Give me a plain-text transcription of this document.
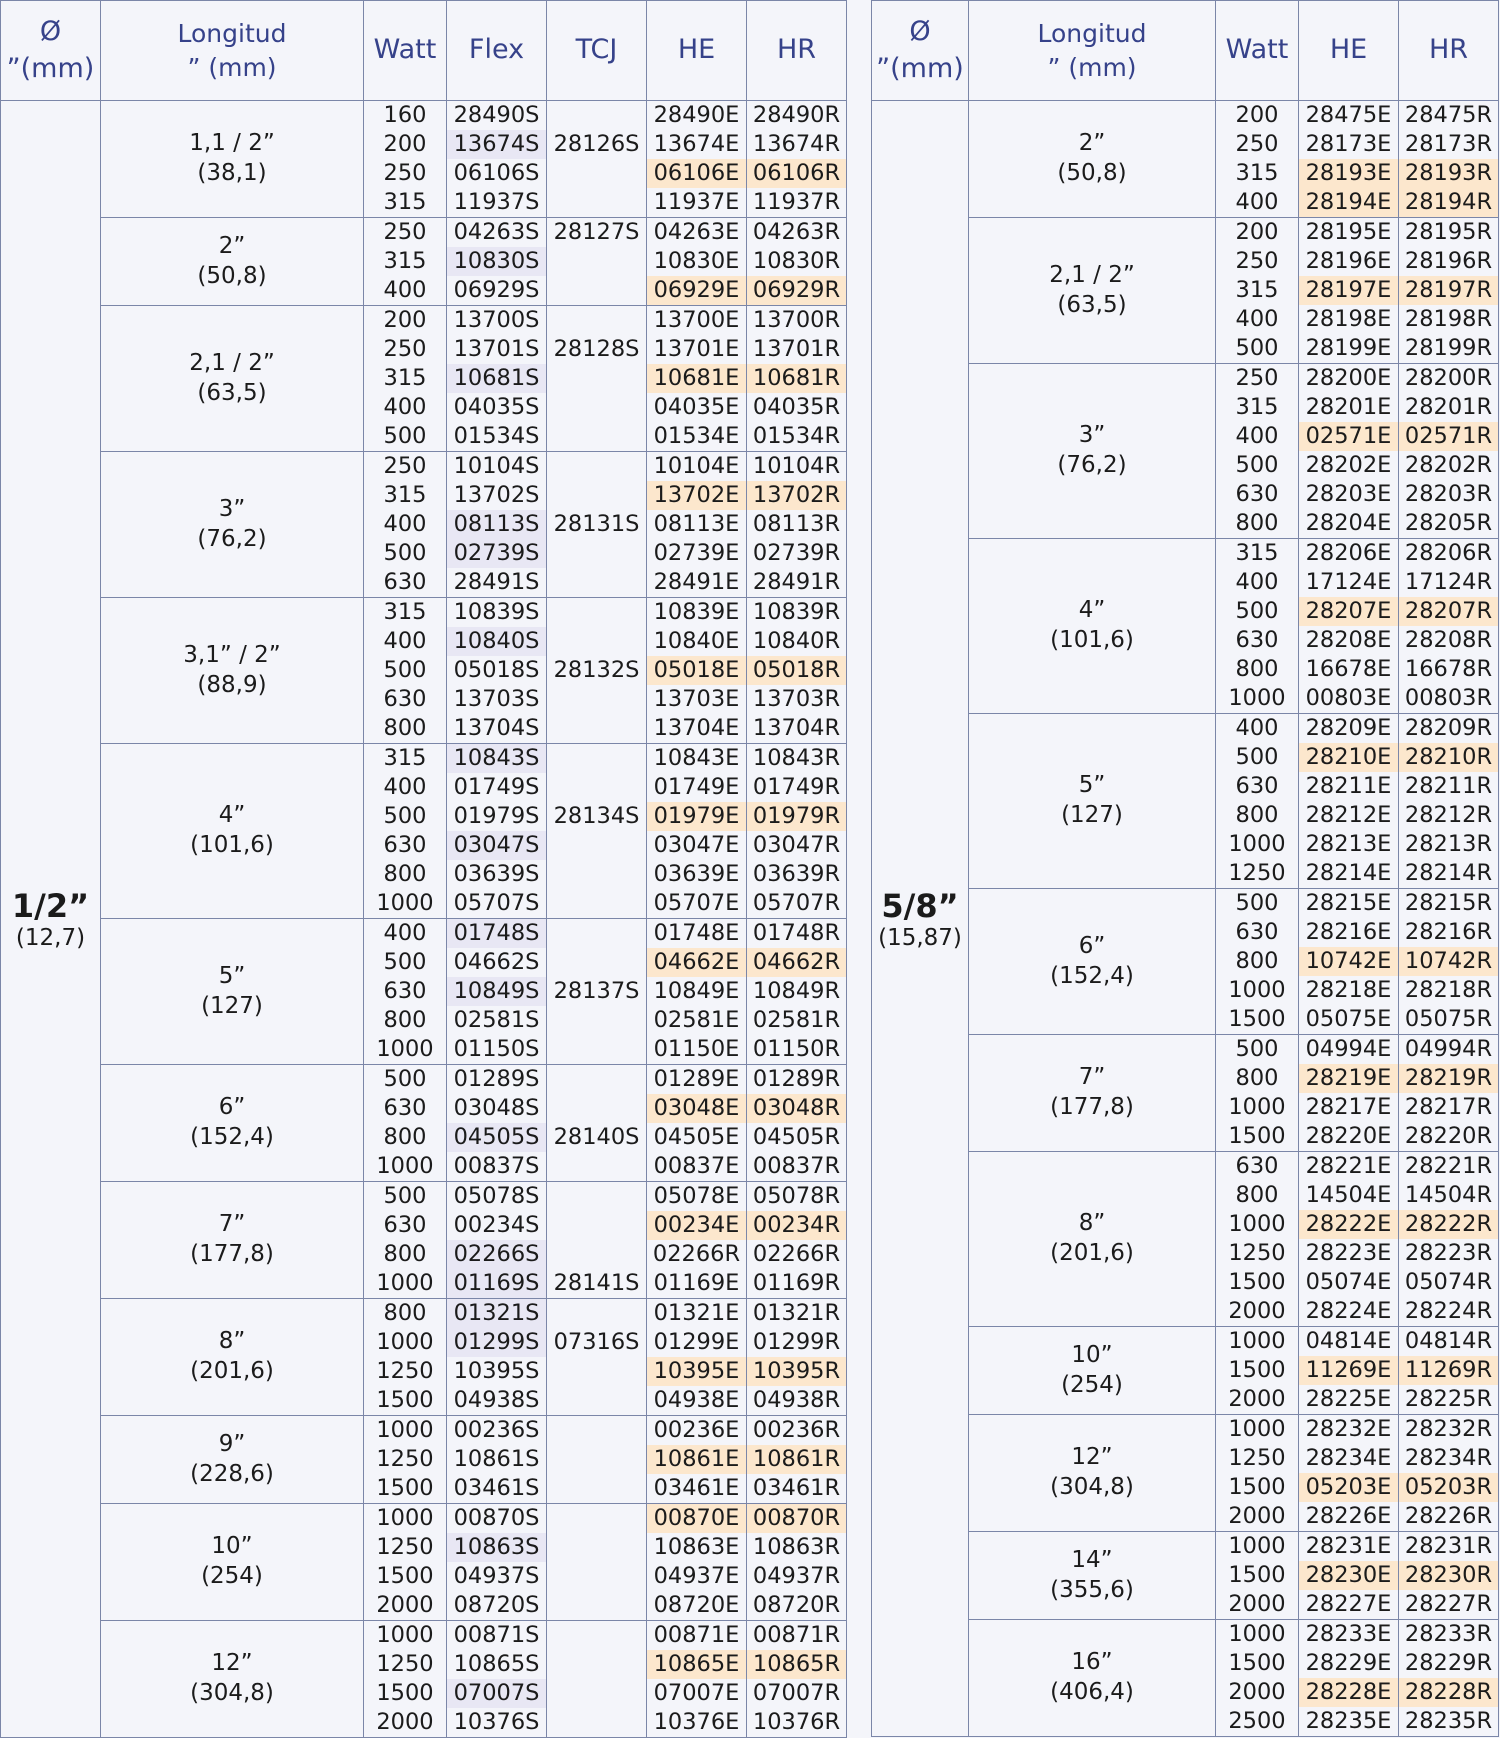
Ø
”(mm)	Longitud
” (mm)	Watt	Flex	TCJ	HE	HR

1/2”
(12,7)	1,1 / 2”
(38,1)	160	28490S	28126S	28490E	28490R
		200	13674S		13674E	13674R
		250	06106S		06106E	06106R
		315	11937S		11937E	11937R
	2”
(50,8)	250	04263S	28127S	04263E	04263R
		315	10830S		10830E	10830R
		400	06929S		06929E	06929R
	2,1 / 2”
(63,5)	200	13700S	28128S	13700E	13700R
		250	13701S		13701E	13701R
		315	10681S		10681E	10681R
		400	04035S		04035E	04035R
		500	01534S		01534E	01534R
	3”
(76,2)	250	10104S	28131S	10104E	10104R
		315	13702S		13702E	13702R
		400	08113S		08113E	08113R
		500	02739S		02739E	02739R
		630	28491S		28491E	28491R
	3,1” / 2”
(88,9)	315	10839S	28132S	10839E	10839R
		400	10840S		10840E	10840R
		500	05018S		05018E	05018R
		630	13703S		13703E	13703R
		800	13704S		13704E	13704R
	4”
(101,6)	315	10843S	28134S	10843E	10843R
		400	01749S		01749E	01749R
		500	01979S		01979E	01979R
		630	03047S		03047E	03047R
		800	03639S		03639E	03639R
		1000	05707S		05707E	05707R
	5”
(127)	400	01748S	28137S	01748E	01748R
		500	04662S		04662E	04662R
		630	10849S		10849E	10849R
		800	02581S		02581E	02581R
		1000	01150S		01150E	01150R
	6”
(152,4)	500	01289S	28140S	01289E	01289R
		630	03048S		03048E	03048R
		800	04505S		04505E	04505R
		1000	00837S		00837E	00837R
	7”
(177,8)	500	05078S	28141S	05078E	05078R
		630	00234S		00234E	00234R
		800	02266S		02266R	02266R
		1000	01169S		01169E	01169R
	8”
(201,6)	800	01321S	07316S	01321E	01321R
		1000	01299S		01299E	01299R
		1250	10395S		10395E	10395R
		1500	04938S		04938E	04938R
	9”
(228,6)	1000	00236S		00236E	00236R
		1250	10861S		10861E	10861R
		1500	03461S		03461E	03461R
	10”
(254)	1000	00870S		00870E	00870R
		1250	10863S		10863E	10863R
		1500	04937S		04937E	04937R
		2000	08720S		08720E	08720R
	12”
(304,8)	1000	00871S		00871E	00871R
		1250	10865S		10865E	10865R
		1500	07007S		07007E	07007R
		2000	10376S		10376E	10376R
Ø
”(mm)	Longitud
” (mm)	Watt	HE	HR

5/8”
(15,87)	2”
(50,8)	200	28475E	28475R
		250	28173E	28173R
		315	28193E	28193R
		400	28194E	28194R
	2,1 / 2”
(63,5)	200	28195E	28195R
		250	28196E	28196R
		315	28197E	28197R
		400	28198E	28198R
		500	28199E	28199R
	3”
(76,2)	250	28200E	28200R
		315	28201E	28201R
		400	02571E	02571R
		500	28202E	28202R
		630	28203E	28203R
		800	28204E	28205R
	4”
(101,6)	315	28206E	28206R
		400	17124E	17124R
		500	28207E	28207R
		630	28208E	28208R
		800	16678E	16678R
		1000	00803E	00803R
	5”
(127)	400	28209E	28209R
		500	28210E	28210R
		630	28211E	28211R
		800	28212E	28212R
		1000	28213E	28213R
		1250	28214E	28214R
	6”
(152,4)	500	28215E	28215R
		630	28216E	28216R
		800	10742E	10742R
		1000	28218E	28218R
		1500	05075E	05075R
	7”
(177,8)	500	04994E	04994R
		800	28219E	28219R
		1000	28217E	28217R
		1500	28220E	28220R
	8”
(201,6)	630	28221E	28221R
		800	14504E	14504R
		1000	28222E	28222R
		1250	28223E	28223R
		1500	05074E	05074R
		2000	28224E	28224R
	10”
(254)	1000	04814E	04814R
		1500	11269E	11269R
		2000	28225E	28225R
	12”
(304,8)	1000	28232E	28232R
		1250	28234E	28234R
		1500	05203E	05203R
		2000	28226E	28226R
	14”
(355,6)	1000	28231E	28231R
		1500	28230E	28230R
		2000	28227E	28227R
	16”
(406,4)	1000	28233E	28233R
		1500	28229E	28229R
		2000	28228E	28228R
		2500	28235E	28235R
